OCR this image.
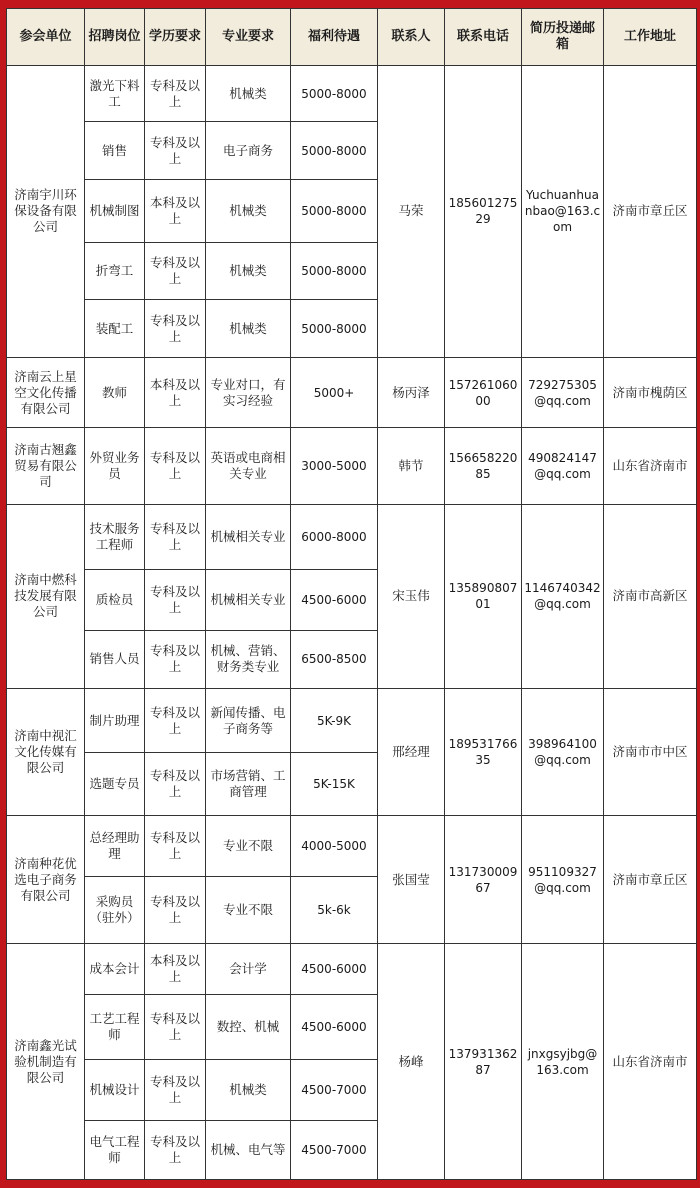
参会单位	招聘岗位	学历要求	专业要求	福利待遇	联系人	联系电话	简历投递邮箱	工作地址
济南宇川环保设备有限公司	激光下料工	专科及以上	机械类	5000-8000	马荣	18560127529	Yuchuanhuanbao@163.com	济南市章丘区
	销售	专科及以上	电子商务	5000-8000				
	机械制图	本科及以上	机械类	5000-8000				
	折弯工	专科及以上	机械类	5000-8000				
	装配工	专科及以上	机械类	5000-8000				
济南云上星空文化传播有限公司	教师	本科及以上	专业对口，有实习经验	5000+	杨丙泽	15726106000	729275305@qq.com	济南市槐荫区
济南古翘鑫贸易有限公司	外贸业务员	专科及以上	英语或电商相关专业	3000-5000	韩节	15665822085	490824147@qq.com	山东省济南市
济南中燃科技发展有限公司	技术服务工程师	专科及以上	机械相关专业	6000-8000	宋玉伟	13589080701	1146740342@qq.com	济南市高新区
	质检员	专科及以上	机械相关专业	4500-6000				
	销售人员	专科及以上	机械、营销、财务类专业	6500-8500				
济南中视汇文化传媒有限公司	制片助理	专科及以上	新闻传播、电子商务等	5K-9K	邢经理	18953176635	398964100@qq.com	济南市市中区
	选题专员	专科及以上	市场营销、工商管理	5K-15K				
济南种花优选电子商务有限公司	总经理助理	专科及以上	专业不限	4000-5000	张国莹	13173000967	951109327@qq.com	济南市章丘区
	采购员（驻外）	专科及以上	专业不限	5k-6k				
济南鑫光试验机制造有限公司	成本会计	本科及以上	会计学	4500-6000	杨峰	13793136287	jnxgsyjbg@163.com	山东省济南市
	工艺工程师	专科及以上	数控、机械	4500-6000				
	机械设计	专科及以上	机械类	4500-7000				
	电气工程师	专科及以上	机械、电气等	4500-7000				
